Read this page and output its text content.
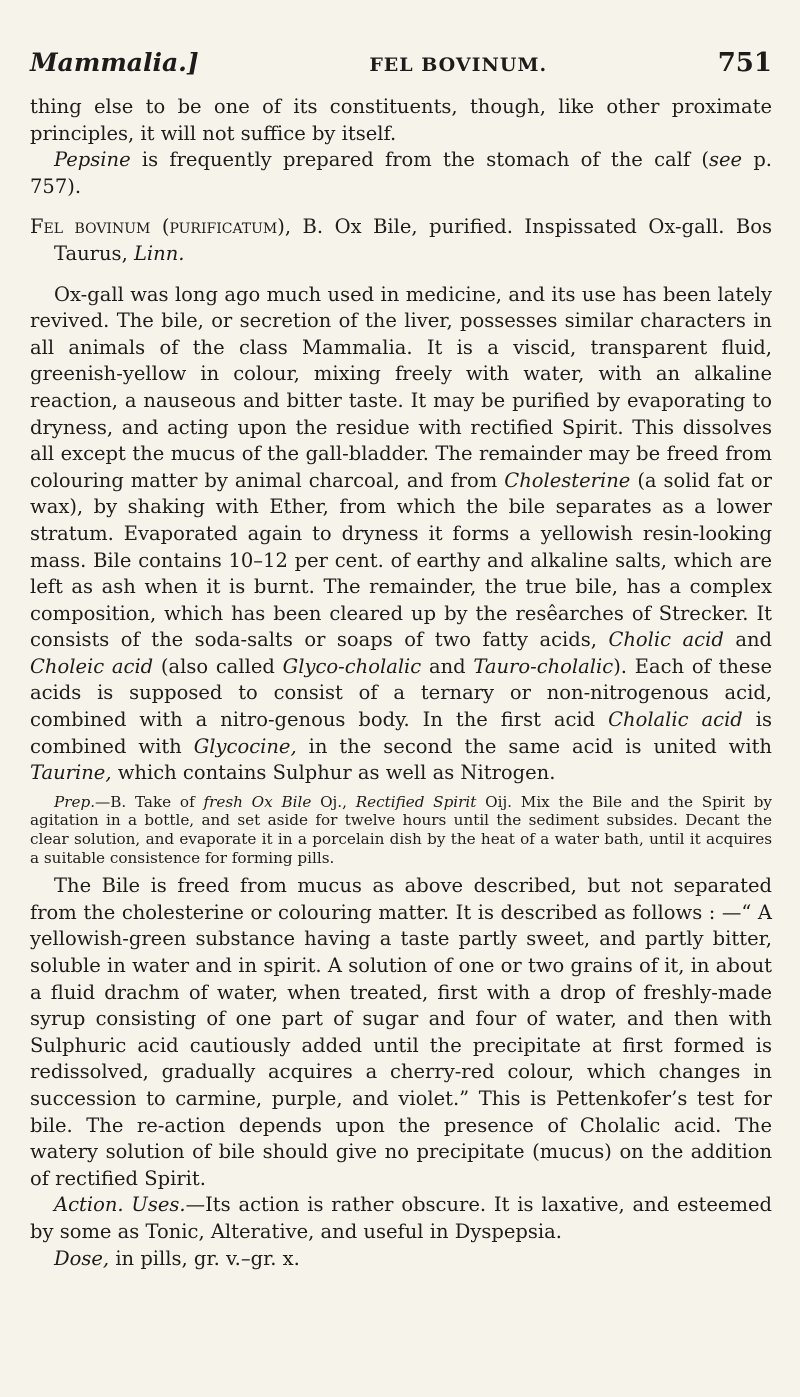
Mammalia.]	FEL BOVINUM.	751

thing else to be one of its constituents, though, like other proximate principles, it will not suffice by itself.

Pepsine is frequently prepared from the stomach of the calf (see p. 757).

Fel bovinum (purificatum), B. Ox Bile, purified. Inspissated Ox-gall. Bos Taurus, Linn.

Ox-gall was long ago much used in medicine, and its use has been lately revived. The bile, or secretion of the liver, possesses similar characters in all animals of the class Mammalia. It is a viscid, transparent fluid, greenish-yellow in colour, mixing freely with water, with an alkaline reaction, a nauseous and bitter taste. It may be purified by evaporating to dryness, and acting upon the residue with rectified Spirit. This dissolves all except the mucus of the gall-bladder. The remainder may be freed from colouring matter by animal charcoal, and from Cholesterine (a solid fat or wax), by shaking with Ether, from which the bile separates as a lower stratum. Evaporated again to dryness it forms a yellowish resin-looking mass. Bile contains 10–12 per cent. of earthy and alkaline salts, which are left as ash when it is burnt. The remainder, the true bile, has a complex composition, which has been cleared up by the resêarches of Strecker. It consists of the soda-salts or soaps of two fatty acids, Cholic acid and Choleic acid (also called Glyco-cholalic and Tauro-cholalic). Each of these acids is supposed to consist of a ternary or non-nitrogenous acid, combined with a nitro-genous body. In the first acid Cholalic acid is combined with Glycocine, in the second the same acid is united with Taurine, which contains Sulphur as well as Nitrogen.

Prep.—B. Take of fresh Ox Bile Oj., Rectified Spirit Oij. Mix the Bile and the Spirit by agitation in a bottle, and set aside for twelve hours until the sediment subsides. Decant the clear solution, and evaporate it in a porcelain dish by the heat of a water bath, until it acquires a suitable consistence for forming pills.

The Bile is freed from mucus as above described, but not separated from the cholesterine or colouring matter. It is described as follows : —“ A yellowish-green substance having a taste partly sweet, and partly bitter, soluble in water and in spirit. A solution of one or two grains of it, in about a fluid drachm of water, when treated, first with a drop of freshly-made syrup consisting of one part of sugar and four of water, and then with Sulphuric acid cautiously added until the precipitate at first formed is redissolved, gradually acquires a cherry-red colour, which changes in succession to carmine, purple, and violet.” This is Pettenkofer’s test for bile. The re-action depends upon the presence of Cholalic acid. The watery solution of bile should give no precipitate (mucus) on the addition of rectified Spirit.

Action. Uses.—Its action is rather obscure. It is laxative, and esteemed by some as Tonic, Alterative, and useful in Dyspepsia.

Dose, in pills, gr. v.–gr. x.
